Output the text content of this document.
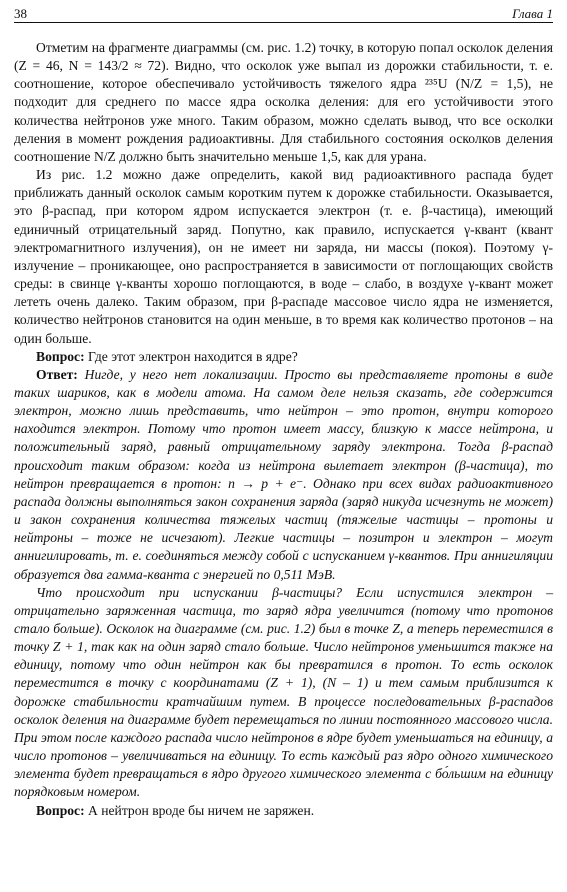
38	Глава 1

Отметим на фрагменте диаграммы (см. рис. 1.2) точку, в которую попал осколок деления (Z = 46, N = 143/2 ≈ 72). Видно, что осколок уже выпал из дорожки стабильности, т. е. соотношение, которое обеспечивало устойчивость тяжелого ядра ²³⁵U (N/Z = 1,5), не подходит для среднего по массе ядра осколка деления: для его устойчивости этого количества нейтронов уже много. Таким образом, можно сделать вывод, что все осколки деления в момент рождения радиоактивны. Для стабильного состояния осколков деления соотношение N/Z должно быть значительно меньше 1,5, как для урана.

Из рис. 1.2 можно даже определить, какой вид радиоактивного распада будет приближать данный осколок самым коротким путем к дорожке стабильности. Оказывается, это β-распад, при котором ядром испускается электрон (т. е. β-частица), имеющий единичный отрицательный заряд. Попутно, как правило, испускается γ-квант (квант электромагнитного излучения), он не имеет ни заряда, ни массы (покоя). Поэтому γ-излучение – проникающее, оно распространяется в зависимости от поглощающих свойств среды: в свинце γ-кванты хорошо поглощаются, в воде – слабо, в воздухе γ-квант может лететь очень далеко. Таким образом, при β-распаде массовое число ядра не изменяется, количество нейтронов становится на один меньше, в то время как количество протонов – на один больше.

Вопрос: Где этот электрон находится в ядре?

Ответ: Нигде, у него нет локализации. Просто вы представляете протоны в виде таких шариков, как в модели атома. На самом деле нельзя сказать, где содержится электрон, можно лишь представить, что нейтрон – это протон, внутри которого находится электрон. Потому что протон имеет массу, близкую к массе нейтрона, и положительный заряд, равный отрицательному заряду электрона. Тогда β-распад происходит таким образом: когда из нейтрона вылетает электрон (β-частица), то нейтрон превращается в протон: n → p + e⁻. Однако при всех видах радиоактивного распада должны выполняться закон сохранения заряда (заряд никуда исчезнуть не может) и закон сохранения количества тяжелых частиц (тяжелые частицы – протоны и нейтроны – тоже не исчезают). Легкие частицы – позитрон и электрон – могут аннигилировать, т. е. соединяться между собой с испусканием γ-квантов. При аннигиляции образуется два гамма-кванта с энергией по 0,511 МэВ.

Что происходит при испускании β-частицы? Если испустился электрон – отрицательно заряженная частица, то заряд ядра увеличится (потому что протонов стало больше). Осколок на диаграмме (см. рис. 1.2) был в точке Z, а теперь переместился в точку Z + 1, так как на один заряд стало больше. Число нейтронов уменьшится также на единицу, потому что один нейтрон как бы превратился в протон. То есть осколок переместится в точку с координатами (Z + 1), (N – 1) и тем самым приблизится к дорожке стабильности кратчайшим путем. В процессе последовательных β-распадов осколок деления на диаграмме будет перемещаться по линии постоянного массового числа. При этом после каждого распада число нейтронов в ядре будет уменьшаться на единицу, а число протонов – увеличиваться на единицу. То есть каждый раз ядро одного химического элемента будет превращаться в ядро другого химического элемента с бо́льшим на единицу порядковым номером.

Вопрос: А нейтрон вроде бы ничем не заряжен.
